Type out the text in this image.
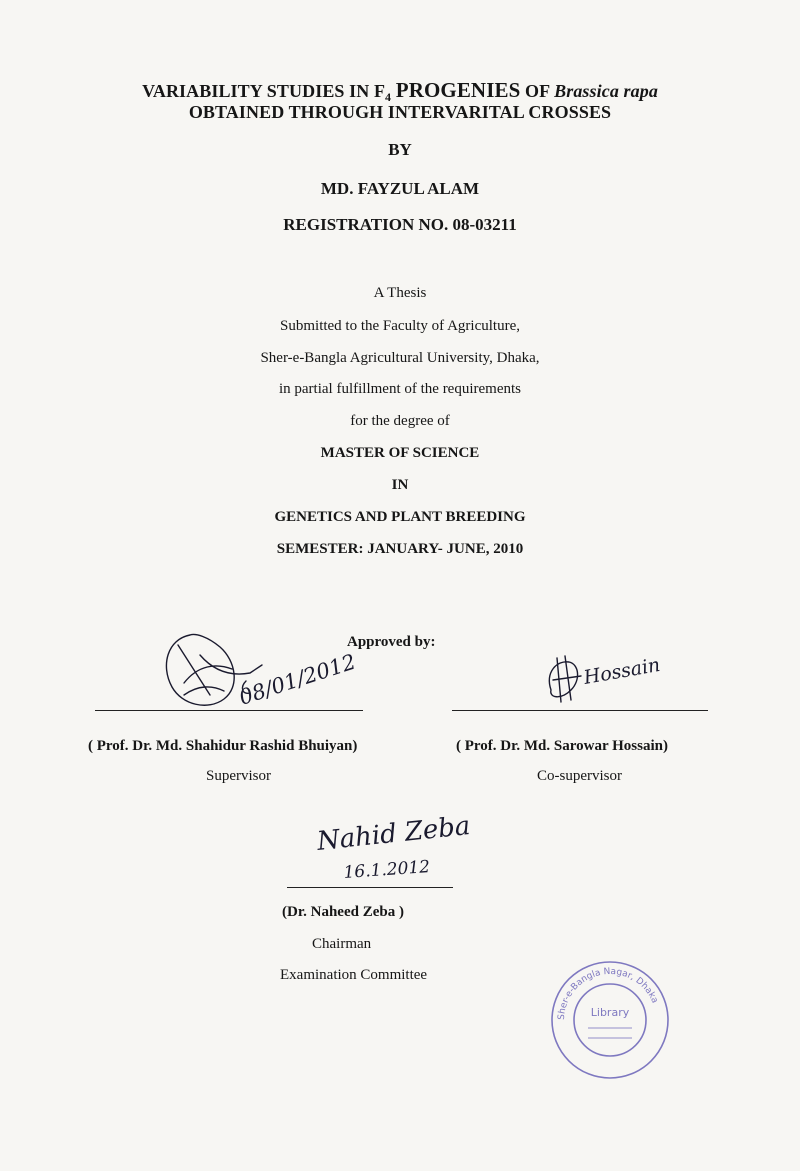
VARIABILITY STUDIES IN $F_4$ PROGENIES OF Brassica rapa
OBTAINED THROUGH INTERVARITAL CROSSES
BY
MD. FAYZUL ALAM
REGISTRATION NO. 08-03211
A Thesis
Submitted to the Faculty of Agriculture,
Sher-e-Bangla Agricultural University, Dhaka,
in partial fulfillment of the requirements
for the degree of
MASTER OF SCIENCE
IN
GENETICS AND PLANT BREEDING
SEMESTER: JANUARY- JUNE, 2010
Approved by:
08/01/2012	Hossain
( Prof. Dr. Md. Shahidur Rashid Bhuiyan)
Supervisor
( Prof. Dr. Md. Sarowar Hossain)
Co-supervisor
Nahid Zeba
16.1.2012
(Dr. Naheed Zeba )
Chairman
Examination Committee
Sher-e-Bangla Nagar, Dhaka
Library
